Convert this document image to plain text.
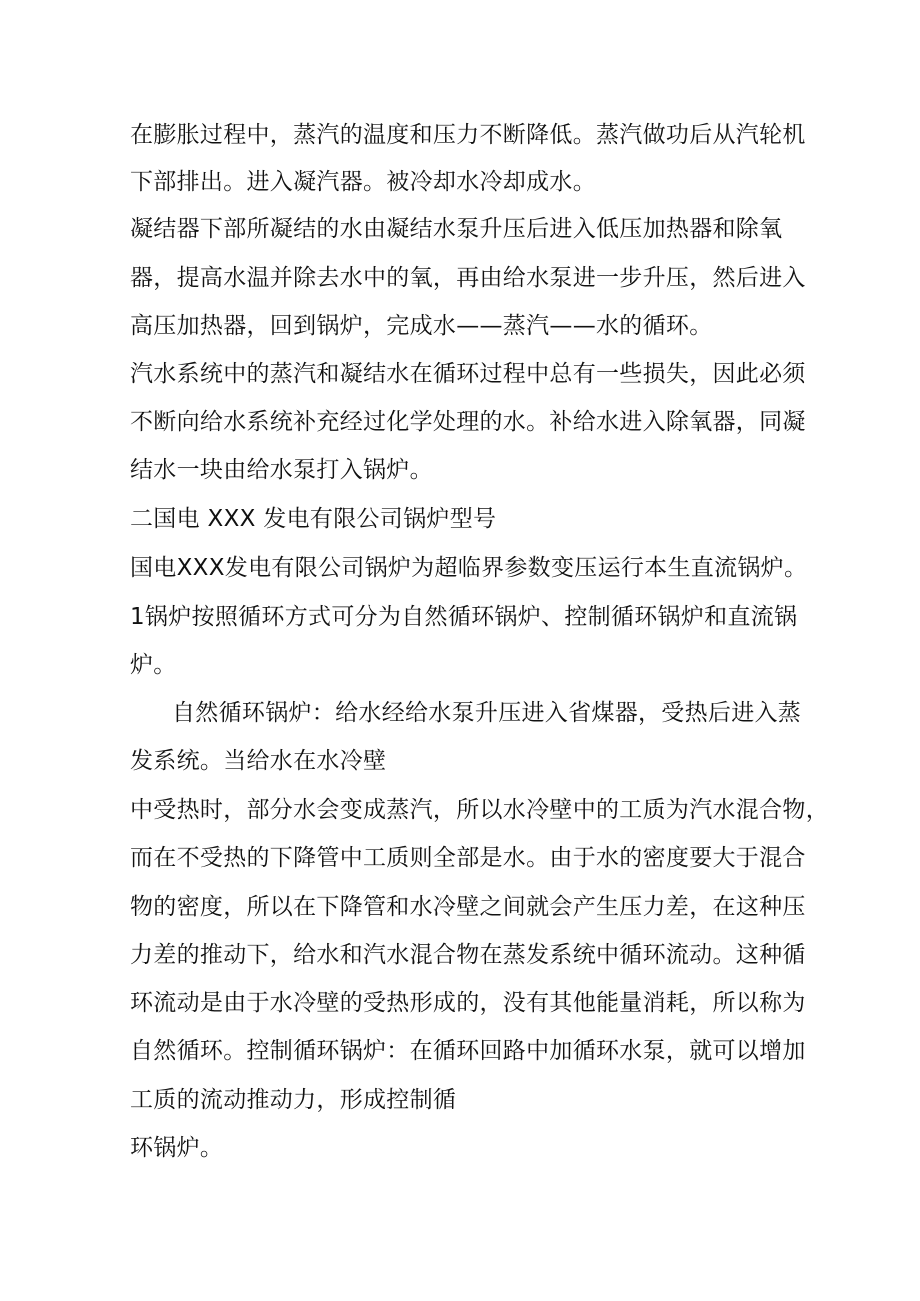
在膨胀过程中，蒸汽的温度和压力不断降低。蒸汽做功后从汽轮机
下部排出。进入凝汽器。被冷却水冷却成水。
凝结器下部所凝结的水由凝结水泵升压后进入低压加热器和除氧
器，提高水温并除去水中的氧，再由给水泵进一步升压，然后进入
高压加热器，回到锅炉，完成水——蒸汽——水的循环。
汽水系统中的蒸汽和凝结水在循环过程中总有一些损失，因此必须
不断向给水系统补充经过化学处理的水。补给水进入除氧器，同凝
结水一块由给水泵打入锅炉。
二国电 XXX 发电有限公司锅炉型号
国电XXX发电有限公司锅炉为超临界参数变压运行本生直流锅炉。
1锅炉按照循环方式可分为自然循环锅炉、控制循环锅炉和直流锅
炉。
自然循环锅炉：给水经给水泵升压进入省煤器，受热后进入蒸
发系统。当给水在水冷壁
中受热时，部分水会变成蒸汽，所以水冷壁中的工质为汽水混合物，
而在不受热的下降管中工质则全部是水。由于水的密度要大于混合
物的密度，所以在下降管和水冷壁之间就会产生压力差，在这种压
力差的推动下，给水和汽水混合物在蒸发系统中循环流动。这种循
环流动是由于水冷壁的受热形成的，没有其他能量消耗，所以称为
自然循环。控制循环锅炉：在循环回路中加循环水泵，就可以增加
工质的流动推动力，形成控制循
环锅炉。
